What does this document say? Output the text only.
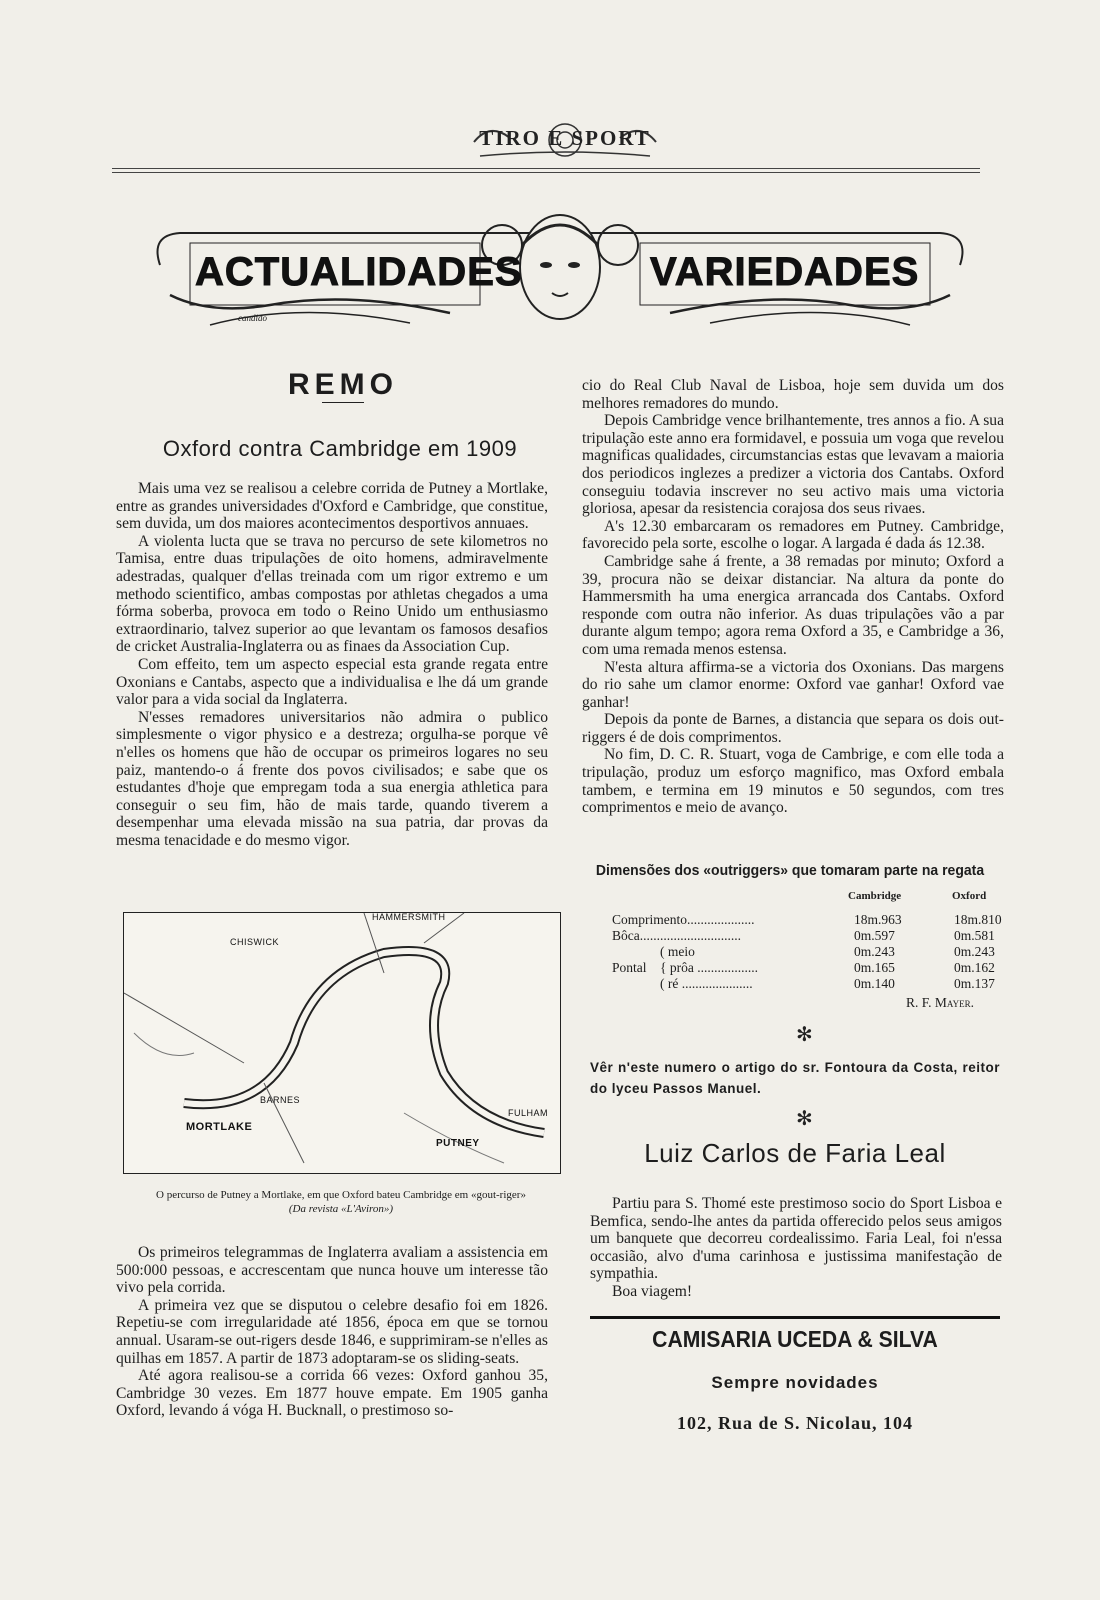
TIRO E SPORT
ACTUALIDADES	VARIEDADES
candido
REMO
Oxford contra Cambridge em 1909

Mais uma vez se realisou a celebre corrida de Putney a Mortlake, entre as grandes universidades d'Oxford e Cambridge, que constitue, sem duvida, um dos maiores acontecimentos desportivos annuaes.

A violenta lucta que se trava no percurso de sete kilometros no Tamisa, entre duas tripulações de oito homens, admiravelmente adestradas, qualquer d'ellas treinada com um rigor extremo e um methodo scientifico, ambas compostas por athletas chegados a uma fórma soberba, provoca em todo o Reino Unido um enthusiasmo extraordinario, talvez superior ao que levantam os famosos desafios de cricket Australia-Inglaterra ou as finaes da Association Cup.

Com effeito, tem um aspecto especial esta grande regata entre Oxonians e Cantabs, aspecto que a individualisa e lhe dá um grande valor para a vida social da Inglaterra.

N'esses remadores universitarios não admira o publico simplesmente o vigor physico e a destreza; orgulha-se porque vê n'elles os homens que hão de occupar os primeiros logares no seu paiz, mantendo-o á frente dos povos civilisados; e sabe que os estudantes d'hoje que empregam toda a sua energia athletica para conseguir o seu fim, hão de mais tarde, quando tiverem a desempenhar uma elevada missão na sua patria, dar provas da mesma tenacidade e do mesmo vigor.

HAMMERSMITH
CHISWICK
BARNES
MORTLAKE
PUTNEY
FULHAM
O percurso de Putney a Mortlake, em que Oxford bateu Cambridge em «gout-riger»
(Da revista «L'Aviron»)

Os primeiros telegrammas de Inglaterra avaliam a assistencia em 500:000 pessoas, e accrescentam que nunca houve um interesse tão vivo pela corrida.

A primeira vez que se disputou o celebre desafio foi em 1826. Repetiu-se com irregularidade até 1856, época em que se tornou annual. Usaram-se out-rigers desde 1846, e supprimiram-se n'elles as quilhas em 1857. A partir de 1873 adoptaram-se os sliding-seats.

Até agora realisou-se a corrida 66 vezes: Oxford ganhou 35, Cambridge 30 vezes. Em 1877 houve empate. Em 1905 ganha Oxford, levando á vóga H. Bucknall, o prestimoso so-

cio do Real Club Naval de Lisboa, hoje sem duvida um dos melhores remadores do mundo.

Depois Cambridge vence brilhantemente, tres annos a fio. A sua tripulação este anno era formidavel, e possuia um voga que revelou magnificas qualidades, circumstancias estas que levavam a maioria dos periodicos inglezes a predizer a victoria dos Cantabs. Oxford conseguiu todavia inscrever no seu activo mais uma victoria gloriosa, apesar da resistencia corajosa dos seus rivaes.

A's 12.30 embarcaram os remadores em Putney. Cambridge, favorecido pela sorte, escolhe o logar. A largada é dada ás 12.38.

Cambridge sahe á frente, a 38 remadas por minuto; Oxford a 39, procura não se deixar distanciar. Na altura da ponte do Hammersmith ha uma energica arrancada dos Cantabs. Oxford responde com outra não inferior. As duas tripulações vão a par durante algum tempo; agora rema Oxford a 35, e Cambridge a 36, com uma remada menos estensa.

N'esta altura affirma-se a victoria dos Oxonians. Das margens do rio sahe um clamor enorme: Oxford vae ganhar! Oxford vae ganhar!

Depois da ponte de Barnes, a distancia que separa os dois out-riggers é de dois comprimentos.

No fim, D. C. R. Stuart, voga de Cambrige, e com elle toda a tripulação, produz um esforço magnifico, mas Oxford embala tambem, e termina em 19 minutos e 50 segundos, com tres comprimentos e meio de avanço.

Dimensões dos «outriggers» que tomaram parte na regata
Cambridge	Oxford
Comprimento....................
Bôca..............................
( meio
Pontal { prôa ..................
( ré .....................
18m.963
0m.597
0m.243
0m.165
0m.140
18m.810
0m.581
0m.243
0m.162
0m.137
R. F. Mayer.
✻
Vêr n'este numero o artigo do sr. Fontoura da Costa, reitor do lyceu Passos Manuel.
✻
Luiz Carlos de Faria Leal

Partiu para S. Thomé este prestimoso socio do Sport Lisboa e Bemfica, sendo-lhe antes da partida offerecido pelos seus amigos um banquete que decorreu cordealissimo. Faria Leal, foi n'essa occasião, alvo d'uma carinhosa e justissima manifestação de sympathia.

Boa viagem!

CAMISARIA UCEDA & SILVA
Sempre novidades
102, Rua de S. Nicolau, 104
